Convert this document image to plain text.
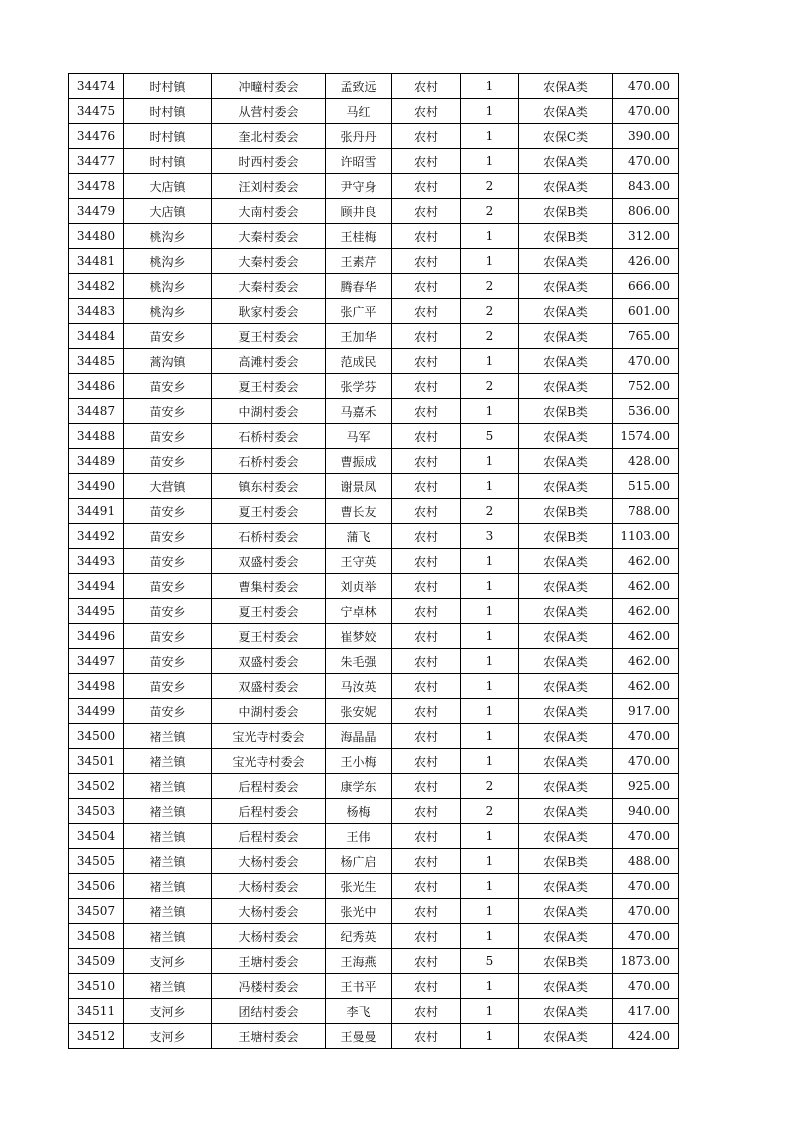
34474	时村镇	冲疃村委会	孟致远	农村	1	农保A类	470.00
34475	时村镇	从营村委会	马红	农村	1	农保A类	470.00
34476	时村镇	奎北村委会	张丹丹	农村	1	农保C类	390.00
34477	时村镇	时西村委会	许昭雪	农村	1	农保A类	470.00
34478	大店镇	汪刘村委会	尹守身	农村	2	农保A类	843.00
34479	大店镇	大南村委会	顾井良	农村	2	农保B类	806.00
34480	桃沟乡	大秦村委会	王桂梅	农村	1	农保B类	312.00
34481	桃沟乡	大秦村委会	王素芹	农村	1	农保A类	426.00
34482	桃沟乡	大秦村委会	腾春华	农村	2	农保A类	666.00
34483	桃沟乡	耿家村委会	张广平	农村	2	农保A类	601.00
34484	苗安乡	夏王村委会	王加华	农村	2	农保A类	765.00
34485	蒿沟镇	高滩村委会	范成民	农村	1	农保A类	470.00
34486	苗安乡	夏王村委会	张学芬	农村	2	农保A类	752.00
34487	苗安乡	中湖村委会	马嘉禾	农村	1	农保B类	536.00
34488	苗安乡	石桥村委会	马军	农村	5	农保A类	1574.00
34489	苗安乡	石桥村委会	曹振成	农村	1	农保A类	428.00
34490	大营镇	镇东村委会	谢景凤	农村	1	农保A类	515.00
34491	苗安乡	夏王村委会	曹长友	农村	2	农保B类	788.00
34492	苗安乡	石桥村委会	蒲飞	农村	3	农保B类	1103.00
34493	苗安乡	双盛村委会	王守英	农村	1	农保A类	462.00
34494	苗安乡	曹集村委会	刘贞举	农村	1	农保A类	462.00
34495	苗安乡	夏王村委会	宁卓林	农村	1	农保A类	462.00
34496	苗安乡	夏王村委会	崔梦姣	农村	1	农保A类	462.00
34497	苗安乡	双盛村委会	朱毛强	农村	1	农保A类	462.00
34498	苗安乡	双盛村委会	马汝英	农村	1	农保A类	462.00
34499	苗安乡	中湖村委会	张安妮	农村	1	农保A类	917.00
34500	褚兰镇	宝光寺村委会	海晶晶	农村	1	农保A类	470.00
34501	褚兰镇	宝光寺村委会	王小梅	农村	1	农保A类	470.00
34502	褚兰镇	后程村委会	康学东	农村	2	农保A类	925.00
34503	褚兰镇	后程村委会	杨梅	农村	2	农保A类	940.00
34504	褚兰镇	后程村委会	王伟	农村	1	农保A类	470.00
34505	褚兰镇	大杨村委会	杨广启	农村	1	农保B类	488.00
34506	褚兰镇	大杨村委会	张光生	农村	1	农保A类	470.00
34507	褚兰镇	大杨村委会	张光中	农村	1	农保A类	470.00
34508	褚兰镇	大杨村委会	纪秀英	农村	1	农保A类	470.00
34509	支河乡	王塘村委会	王海燕	农村	5	农保B类	1873.00
34510	褚兰镇	冯楼村委会	王书平	农村	1	农保A类	470.00
34511	支河乡	团结村委会	李飞	农村	1	农保A类	417.00
34512	支河乡	王塘村委会	王曼曼	农村	1	农保A类	424.00
